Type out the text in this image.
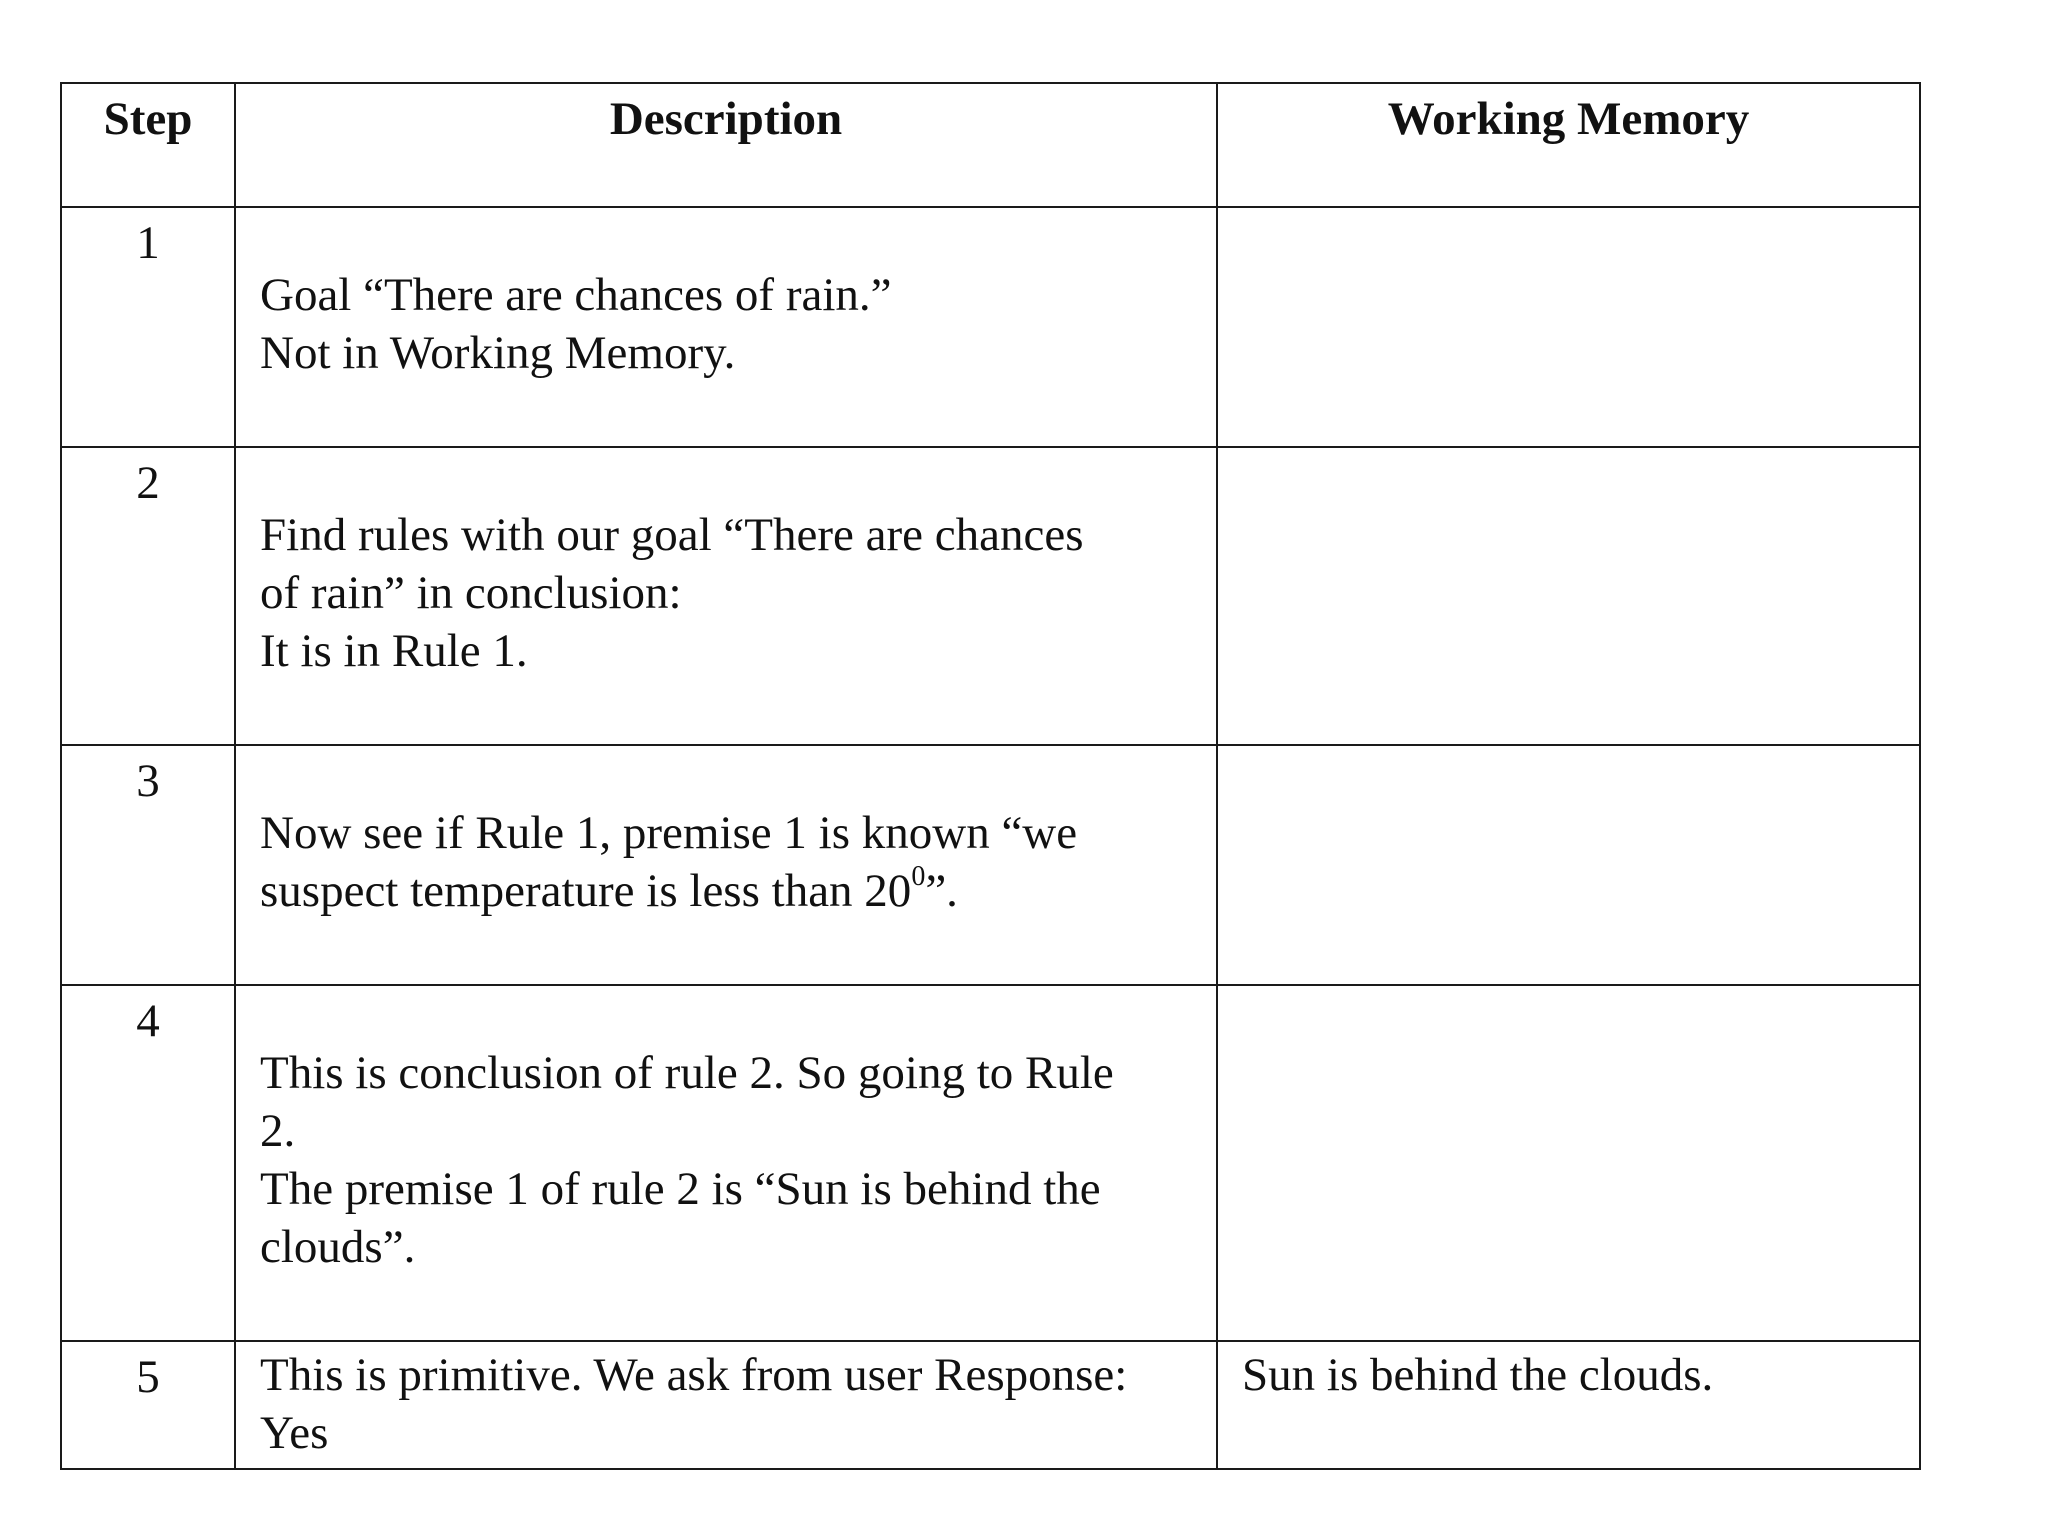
Step	Description	Working Memory
1	Goal “There are chances of rain.”
Not in Working Memory.	

2	Find rules with our goal “There are chances
of rain” in conclusion:
It is in Rule 1.	

3	Now see if Rule 1, premise 1 is known “we
suspect temperature is less than $20^0$”.	

4	This is conclusion of rule 2. So going to Rule
2.
The premise 1 of rule 2 is “Sun is behind the
clouds”.	

5	This is primitive. We ask from user Response:
Yes	Sun is behind the clouds.
